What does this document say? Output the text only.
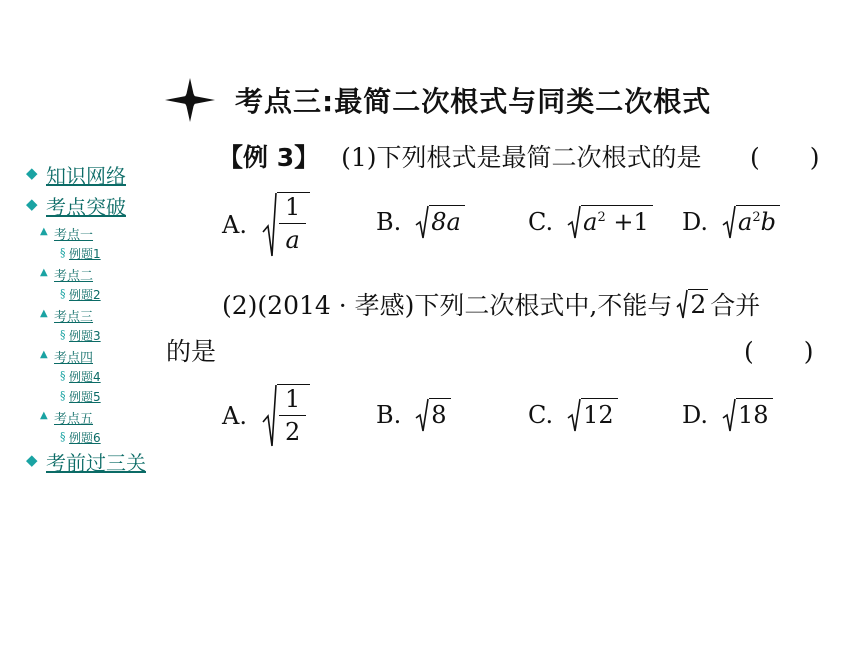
◆ 知识网络
◆ 考点突破
▲ 考点一
§ 例题1
▲ 考点二
§ 例题2
▲ 考点三
§ 例题3
▲ 考点四
§ 例题4
§ 例题5
▲ 考点五
§ 例题6
◆ 考前过三关
考点三:最简二次根式与同类二次根式
【例 3】 (1)下列根式是最简二次根式的是 (　　)
A. $\frac{1}{a}$	B. 8a	C. $a^2 +1$ D. $a^2b$
(2)(2014 · 孝感)下列二次根式中,不能与 2 合并
的是	(　　)
A. $\frac{1}{2}$	B. 8	C. 12	D. 18
